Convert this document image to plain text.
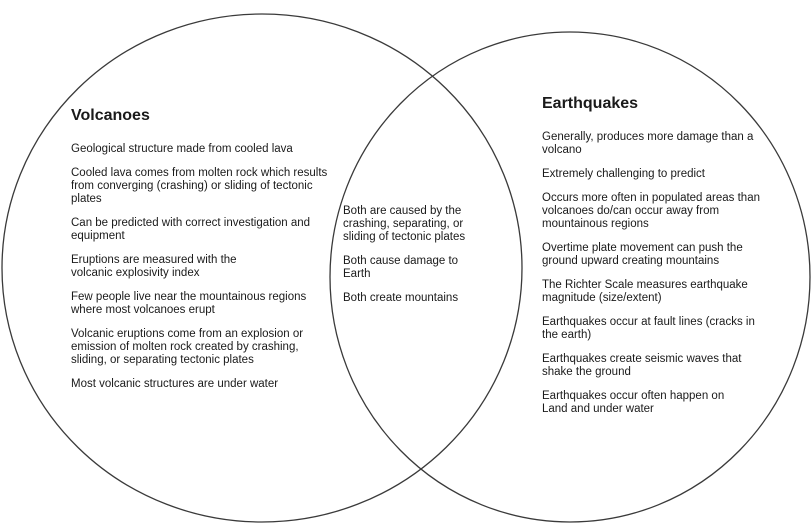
Volcanoes
Earthquakes
Geological structure made from cooled lava
Cooled lava comes from molten rock which results from converging (crashing) or sliding of tectonic plates
Can be predicted with correct investigation and equipment
Eruptions are measured with the volcanic explosivity index
Few people live near the mountainous regions where most volcanoes erupt
Volcanic eruptions come from an explosion or emission of molten rock created by crashing, sliding, or separating tectonic plates
Most volcanic structures are under water
Both are caused by the crashing, separating, or sliding of tectonic plates
Both cause damage to Earth
Both create mountains
Generally, produces more damage than a volcano
Extremely challenging to predict
Occurs more often in populated areas than volcanoes do/can occur away from mountainous regions
Overtime plate movement can push the ground upward creating mountains
The Richter Scale measures earthquake magnitude (size/extent)
Earthquakes occur at fault lines (cracks in the earth)
Earthquakes create seismic waves that shake the ground
Earthquakes occur often happen on Land and under water
